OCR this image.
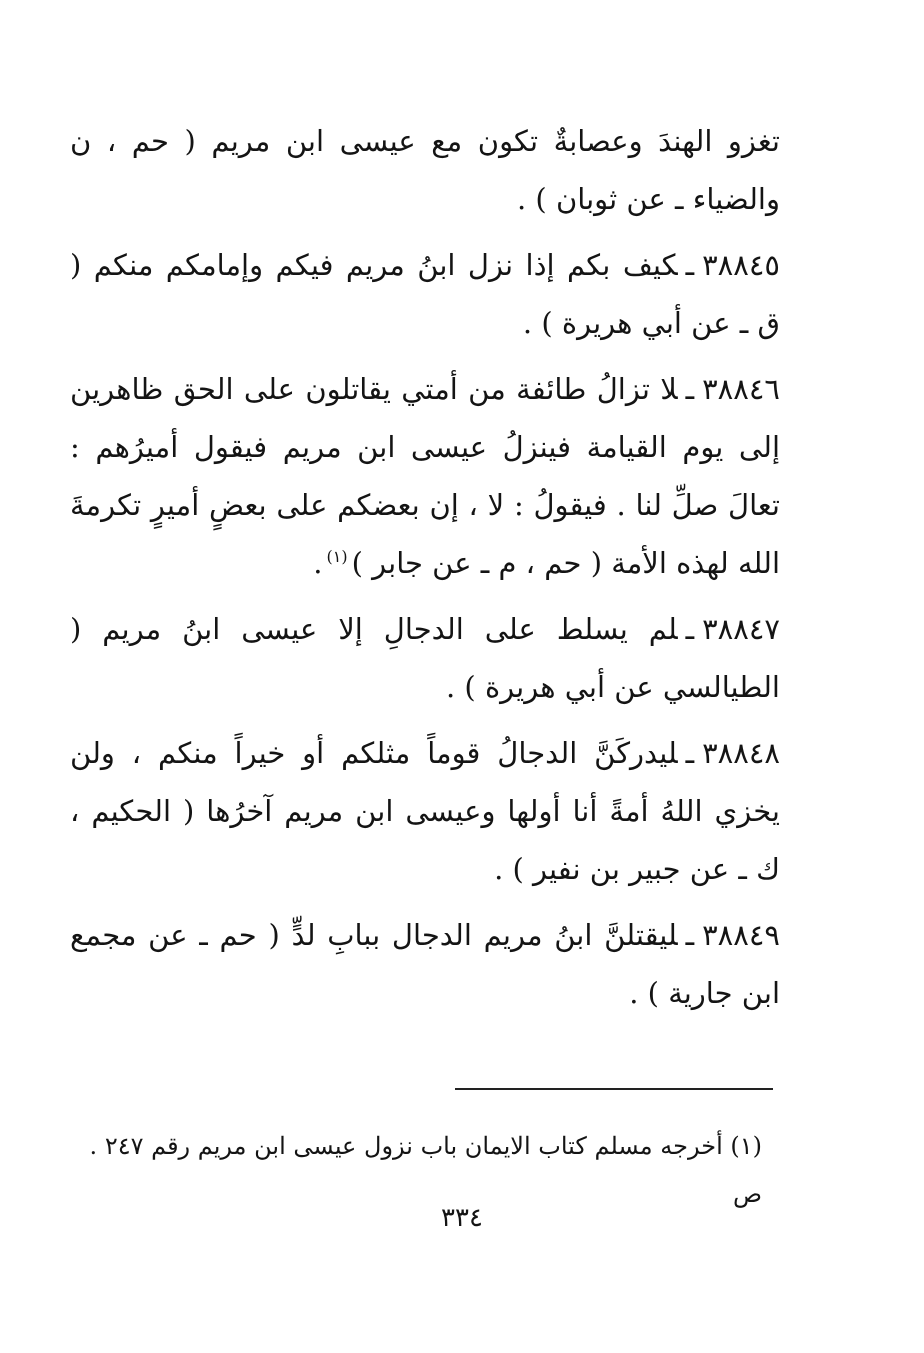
تغزو الهندَ وعصابةٌ تكون مع عيسى ابن مريم ( حم ، ن والضياء ـ عن ثوبان ) .

٣٨٨٤٥ـكيف بكم إذا نزل ابنُ مريم فيكم وإمامكم منكم ( ق ـ عن أبي هريرة ) .

٣٨٨٤٦ـلا تزالُ طائفة من أمتي يقاتلون على الحق ظاهرين إلى يوم القيامة فينزلُ عيسى ابن مريم فيقول أميرُهم : تعالَ صلِّ لنا . فيقولُ : لا ، إن بعضكم على بعضٍ أميرٍ تكرمةَ الله لهذه الأمة ( حم ، م ـ عن جابر )$^{(١)}$.

٣٨٨٤٧ـلم يسلط على الدجالِ إلا عيسى ابنُ مريم ( الطيالسي عن أبي هريرة ) .

٣٨٨٤٨ـليدركَنَّ الدجالُ قوماً مثلكم أو خيراً منكم ، ولن يخزي اللهُ أمةً أنا أولها وعيسى ابن مريم آخرُها ( الحكيم ، ك ـ عن جبير بن نفير ) .

٣٨٨٤٩ـليقتلنَّ ابنُ مريم الدجال ببابِ لدٍّ ( حم ـ عن مجمع ابن جارية ) .

(١) أخرجه مسلم كتاب الايمان باب نزول عيسى ابن مريم رقم ٢٤٧ . ص

٣٣٤
